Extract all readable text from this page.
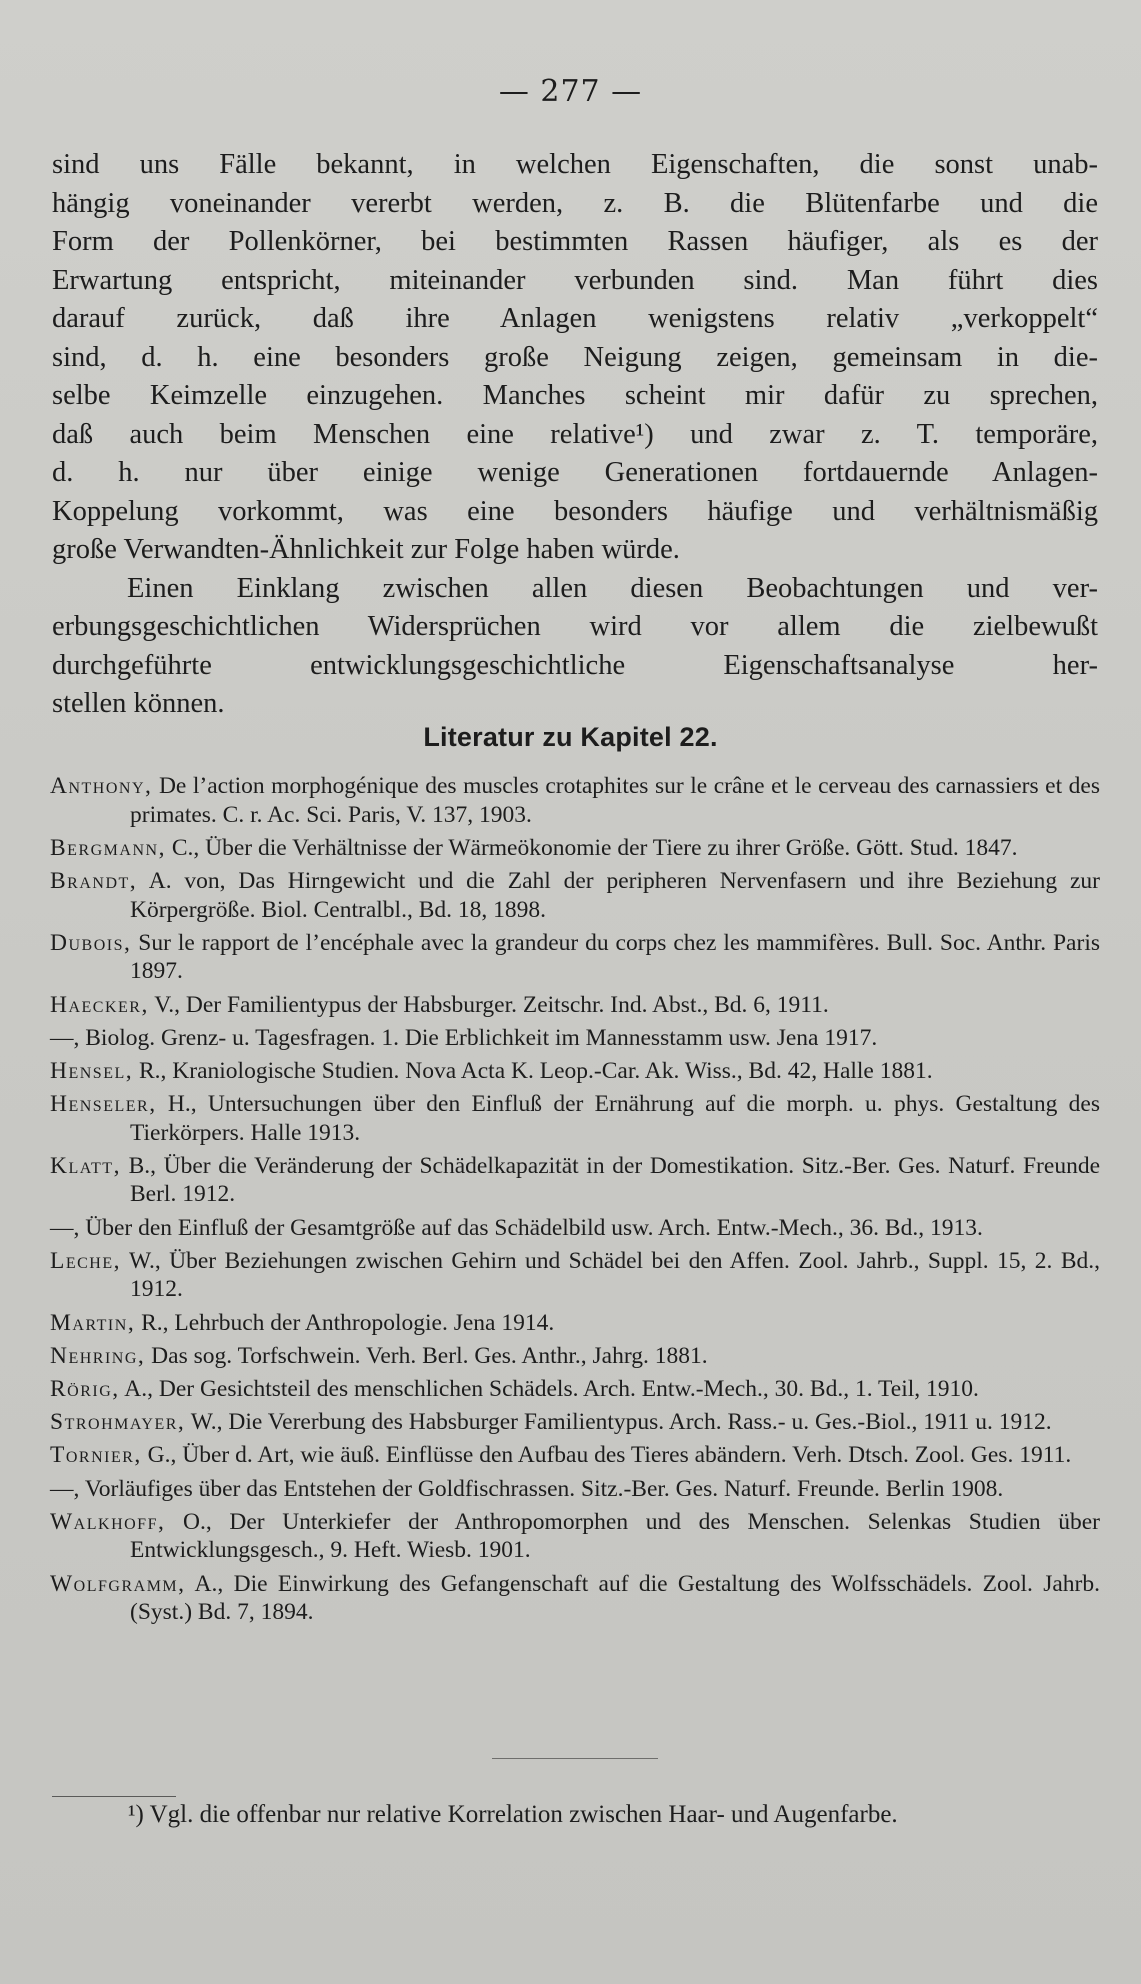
— 277 —

sind uns Fälle bekannt, in welchen Eigenschaften, die sonst unab-
hängig voneinander vererbt werden, z. B. die Blütenfarbe und die
Form der Pollenkörner, bei bestimmten Rassen häufiger, als es der
Erwartung entspricht, miteinander verbunden sind. Man führt dies
darauf zurück, daß ihre Anlagen wenigstens relativ „verkoppelt“
sind, d. h. eine besonders große Neigung zeigen, gemeinsam in die-
selbe Keimzelle einzugehen. Manches scheint mir dafür zu sprechen,
daß auch beim Menschen eine relative¹) und zwar z. T. temporäre,
d. h. nur über einige wenige Generationen fortdauernde Anlagen-
Koppelung vorkommt, was eine besonders häufige und verhältnismäßig
große Verwandten-Ähnlichkeit zur Folge haben würde.

Einen Einklang zwischen allen diesen Beobachtungen und ver-
erbungsgeschichtlichen Widersprüchen wird vor allem die zielbewußt
durchgeführte entwicklungsgeschichtliche Eigenschaftsanalyse her-
stellen können.

Literatur zu Kapitel 22.

Anthony, De l’action morphogénique des muscles crotaphites sur le crâne et le cerveau des carnassiers et des primates. C. r. Ac. Sci. Paris, V. 137, 1903.

Bergmann, C., Über die Verhältnisse der Wärmeökonomie der Tiere zu ihrer Größe. Gött. Stud. 1847.

Brandt, A. von, Das Hirngewicht und die Zahl der peripheren Nervenfasern und ihre Beziehung zur Körpergröße. Biol. Centralbl., Bd. 18, 1898.

Dubois, Sur le rapport de l’encéphale avec la grandeur du corps chez les mammifères. Bull. Soc. Anthr. Paris 1897.

Haecker, V., Der Familientypus der Habsburger. Zeitschr. Ind. Abst., Bd. 6, 1911.

—, Biolog. Grenz- u. Tagesfragen. 1. Die Erblichkeit im Mannesstamm usw. Jena 1917.

Hensel, R., Kraniologische Studien. Nova Acta K. Leop.-Car. Ak. Wiss., Bd. 42, Halle 1881.

Henseler, H., Untersuchungen über den Einfluß der Ernährung auf die morph. u. phys. Gestaltung des Tierkörpers. Halle 1913.

Klatt, B., Über die Veränderung der Schädelkapazität in der Domestikation. Sitz.-Ber. Ges. Naturf. Freunde Berl. 1912.

—, Über den Einfluß der Gesamtgröße auf das Schädelbild usw. Arch. Entw.-Mech., 36. Bd., 1913.

Leche, W., Über Beziehungen zwischen Gehirn und Schädel bei den Affen. Zool. Jahrb., Suppl. 15, 2. Bd., 1912.

Martin, R., Lehrbuch der Anthropologie. Jena 1914.

Nehring, Das sog. Torfschwein. Verh. Berl. Ges. Anthr., Jahrg. 1881.

Rörig, A., Der Gesichtsteil des menschlichen Schädels. Arch. Entw.-Mech., 30. Bd., 1. Teil, 1910.

Strohmayer, W., Die Vererbung des Habsburger Familientypus. Arch. Rass.- u. Ges.-Biol., 1911 u. 1912.

Tornier, G., Über d. Art, wie äuß. Einflüsse den Aufbau des Tieres abändern. Verh. Dtsch. Zool. Ges. 1911.

—, Vorläufiges über das Entstehen der Goldfischrassen. Sitz.-Ber. Ges. Naturf. Freunde. Berlin 1908.

Walkhoff, O., Der Unterkiefer der Anthropomorphen und des Menschen. Selenkas Studien über Entwicklungsgesch., 9. Heft. Wiesb. 1901.

Wolfgramm, A., Die Einwirkung des Gefangenschaft auf die Gestaltung des Wolfsschädels. Zool. Jahrb. (Syst.) Bd. 7, 1894.

¹) Vgl. die offenbar nur relative Korrelation zwischen Haar- und Augenfarbe.
